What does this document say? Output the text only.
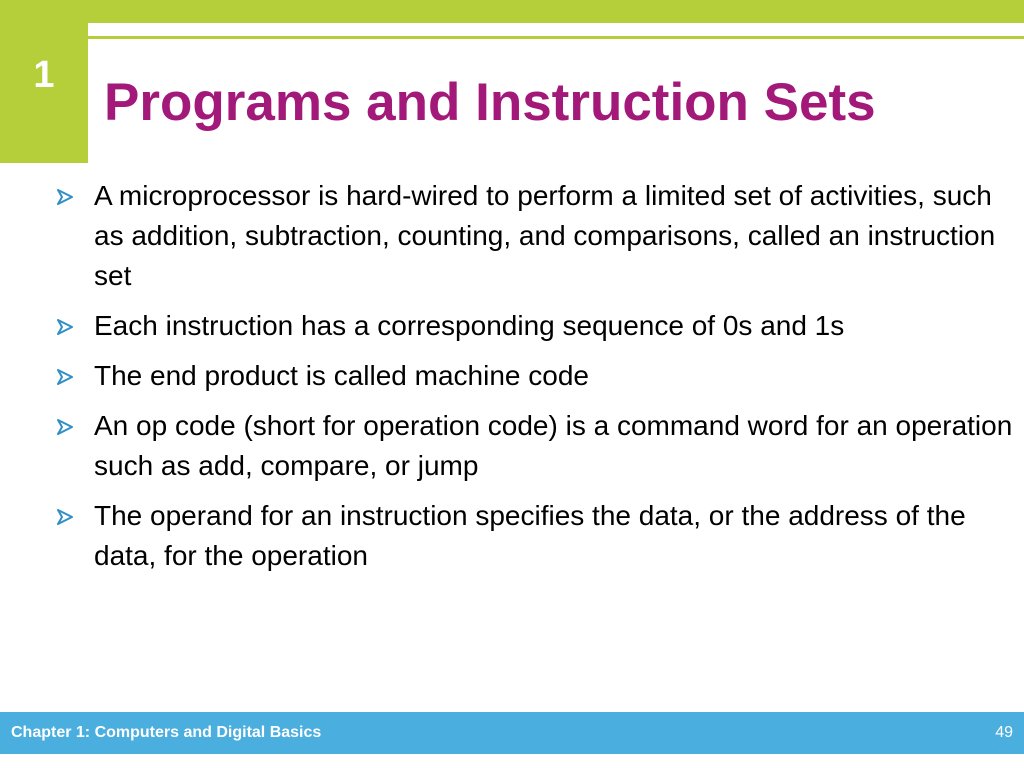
1 Programs and Instruction Sets
A microprocessor is hard-wired to perform a limited set of activities, such as addition, subtraction, counting, and comparisons, called an instruction set
Each instruction has a corresponding sequence of 0s and 1s
The end product is called machine code
An op code (short for operation code) is a command word for an operation such as add, compare, or jump
The operand for an instruction specifies the data, or the address of the data, for the operation
Chapter 1: Computers and Digital Basics	49
